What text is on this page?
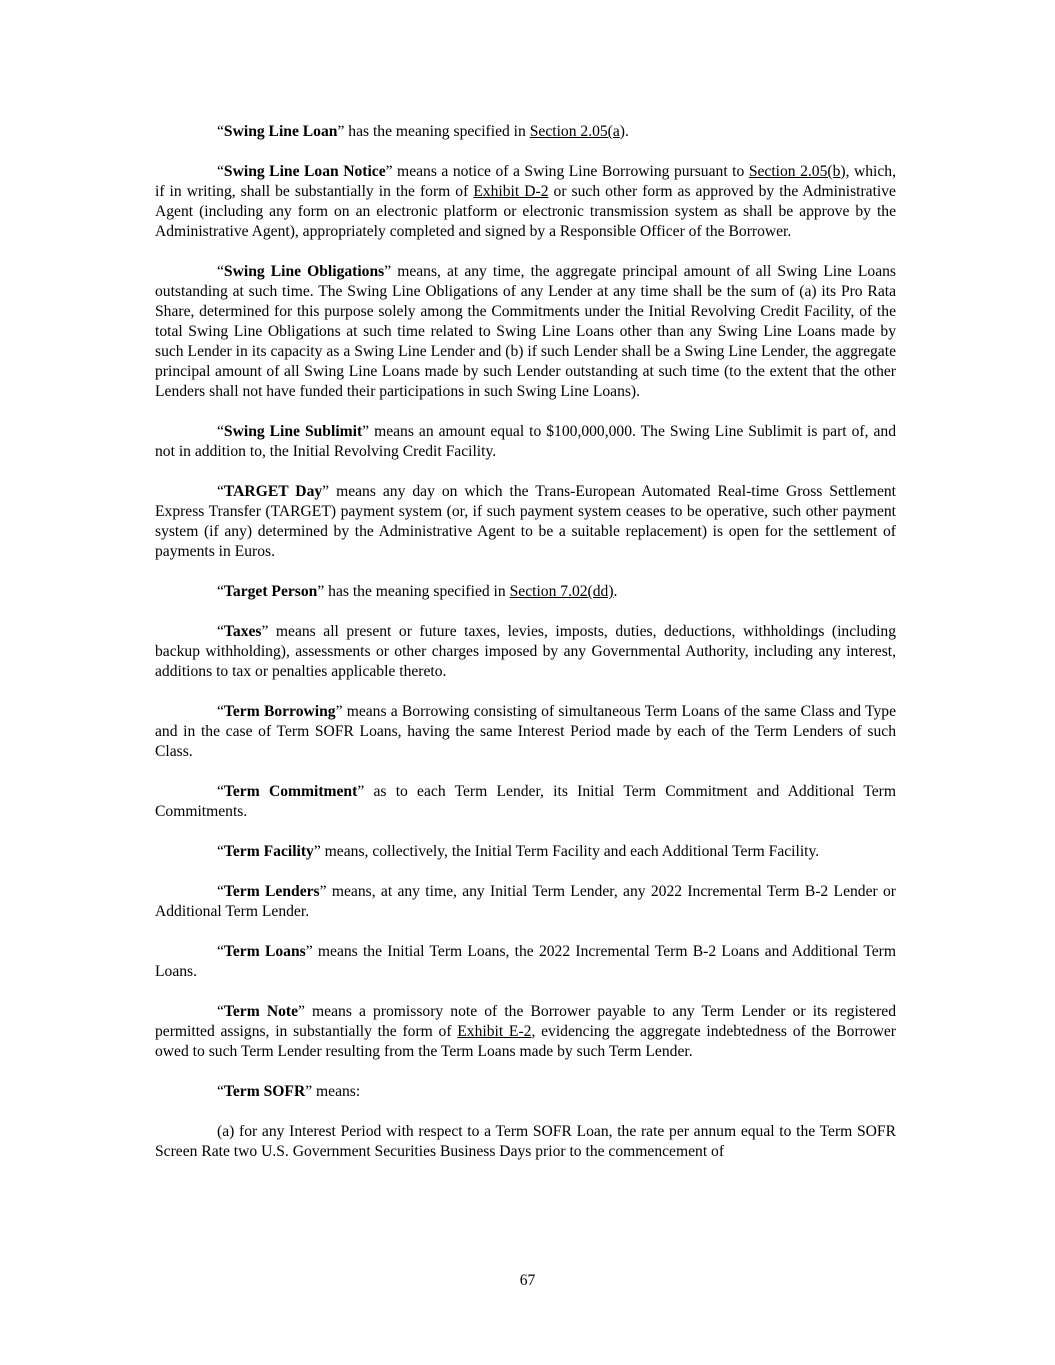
“Swing Line Loan” has the meaning specified in Section 2.05(a).

“Swing Line Loan Notice” means a notice of a Swing Line Borrowing pursuant to Section 2.05(b), which, if in writing, shall be substantially in the form of Exhibit D-2 or such other form as approved by the Administrative Agent (including any form on an electronic platform or electronic transmission system as shall be approve by the Administrative Agent), appropriately completed and signed by a Responsible Officer of the Borrower.

“Swing Line Obligations” means, at any time, the aggregate principal amount of all Swing Line Loans outstanding at such time. The Swing Line Obligations of any Lender at any time shall be the sum of (a) its Pro Rata Share, determined for this purpose solely among the Commitments under the Initial Revolving Credit Facility, of the total Swing Line Obligations at such time related to Swing Line Loans other than any Swing Line Loans made by such Lender in its capacity as a Swing Line Lender and (b) if such Lender shall be a Swing Line Lender, the aggregate principal amount of all Swing Line Loans made by such Lender outstanding at such time (to the extent that the other Lenders shall not have funded their participations in such Swing Line Loans).

“Swing Line Sublimit” means an amount equal to $100,000,000. The Swing Line Sublimit is part of, and not in addition to, the Initial Revolving Credit Facility.

“TARGET Day” means any day on which the Trans-European Automated Real-time Gross Settlement Express Transfer (TARGET) payment system (or, if such payment system ceases to be operative, such other payment system (if any) determined by the Administrative Agent to be a suitable replacement) is open for the settlement of payments in Euros.

“Target Person” has the meaning specified in Section 7.02(dd).

“Taxes” means all present or future taxes, levies, imposts, duties, deductions, withholdings (including backup withholding), assessments or other charges imposed by any Governmental Authority, including any interest, additions to tax or penalties applicable thereto.

“Term Borrowing” means a Borrowing consisting of simultaneous Term Loans of the same Class and Type and in the case of Term SOFR Loans, having the same Interest Period made by each of the Term Lenders of such Class.

“Term Commitment” as to each Term Lender, its Initial Term Commitment and Additional Term Commitments.

“Term Facility” means, collectively, the Initial Term Facility and each Additional Term Facility.

“Term Lenders” means, at any time, any Initial Term Lender, any 2022 Incremental Term B-2 Lender or Additional Term Lender.

“Term Loans” means the Initial Term Loans, the 2022 Incremental Term B-2 Loans and Additional Term Loans.

“Term Note” means a promissory note of the Borrower payable to any Term Lender or its registered permitted assigns, in substantially the form of Exhibit E-2, evidencing the aggregate indebtedness of the Borrower owed to such Term Lender resulting from the Term Loans made by such Term Lender.

“Term SOFR” means:

(a) for any Interest Period with respect to a Term SOFR Loan, the rate per annum equal to the Term SOFR Screen Rate two U.S. Government Securities Business Days prior to the commencement of

67
